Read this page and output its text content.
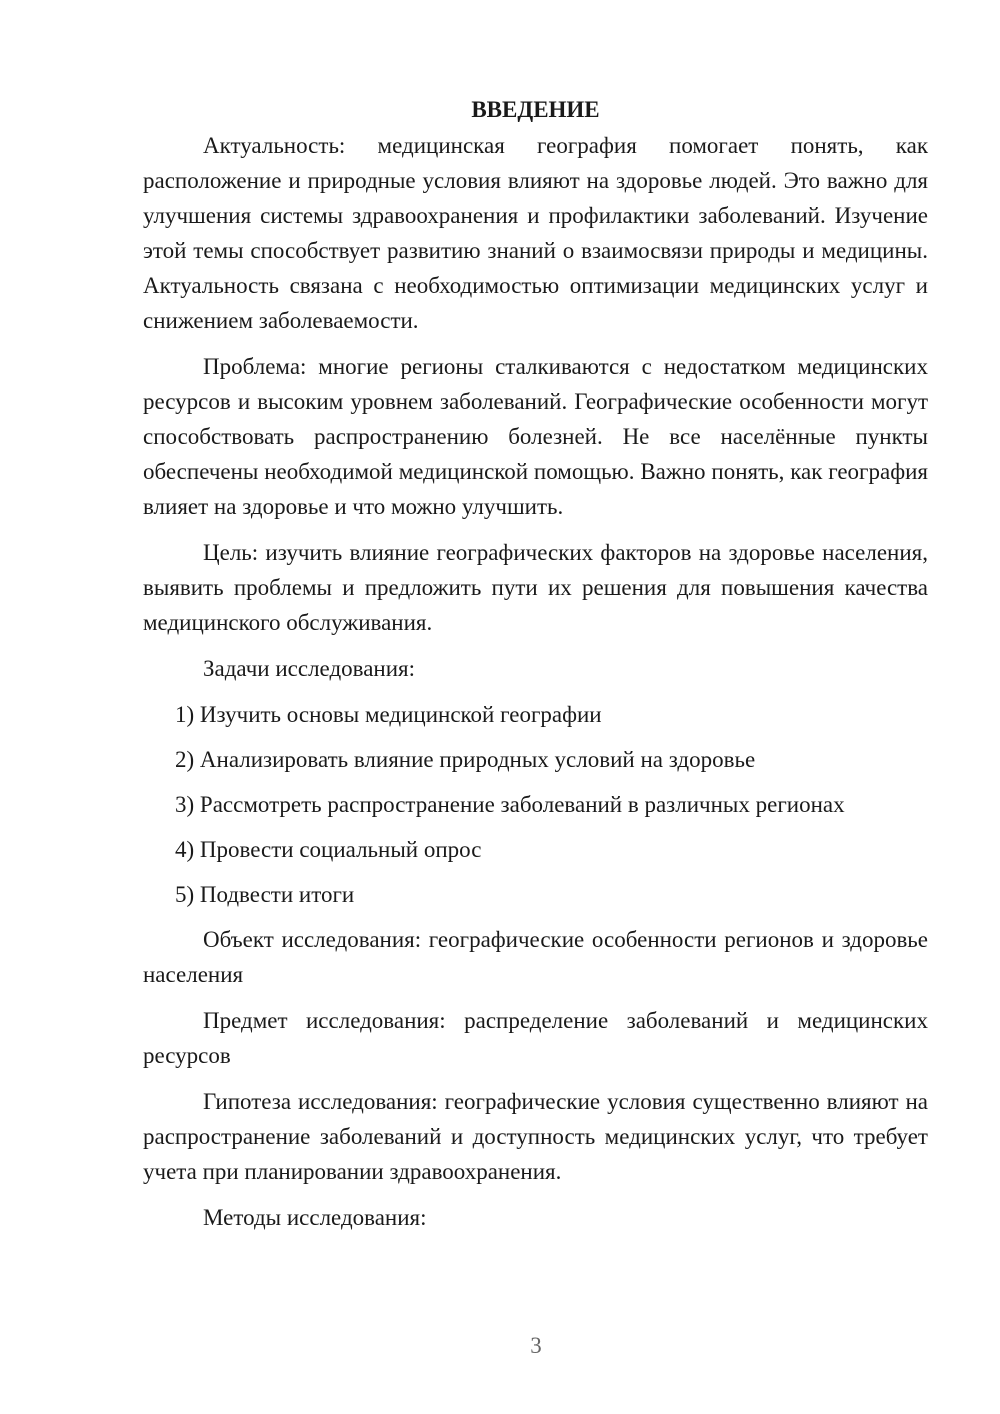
ВВЕДЕНИЕ

Актуальность: медицинская география помогает понять, как расположение и природные условия влияют на здоровье людей. Это важно для улучшения системы здравоохранения и профилактики заболеваний. Изучение этой темы способствует развитию знаний о взаимосвязи природы и медицины. Актуальность связана с необходимостью оптимизации медицинских услуг и снижением заболеваемости.

Проблема: многие регионы сталкиваются с недостатком медицинских ресурсов и высоким уровнем заболеваний. Географические особенности могут способствовать распространению болезней. Не все населённые пункты обеспечены необходимой медицинской помощью. Важно понять, как география влияет на здоровье и что можно улучшить.

Цель: изучить влияние географических факторов на здоровье населения, выявить проблемы и предложить пути их решения для повышения качества медицинского обслуживания.

Задачи исследования:

1) Изучить основы медицинской географии
2) Анализировать влияние природных условий на здоровье
3) Рассмотреть распространение заболеваний в различных регионах
4) Провести социальный опрос
5) Подвести итоги

Объект исследования: географические особенности регионов и здоровье населения

Предмет исследования: распределение заболеваний и медицинских ресурсов

Гипотеза исследования: географические условия существенно влияют на распространение заболеваний и доступность медицинских услуг, что требует учета при планировании здравоохранения.

Методы исследования:

3
